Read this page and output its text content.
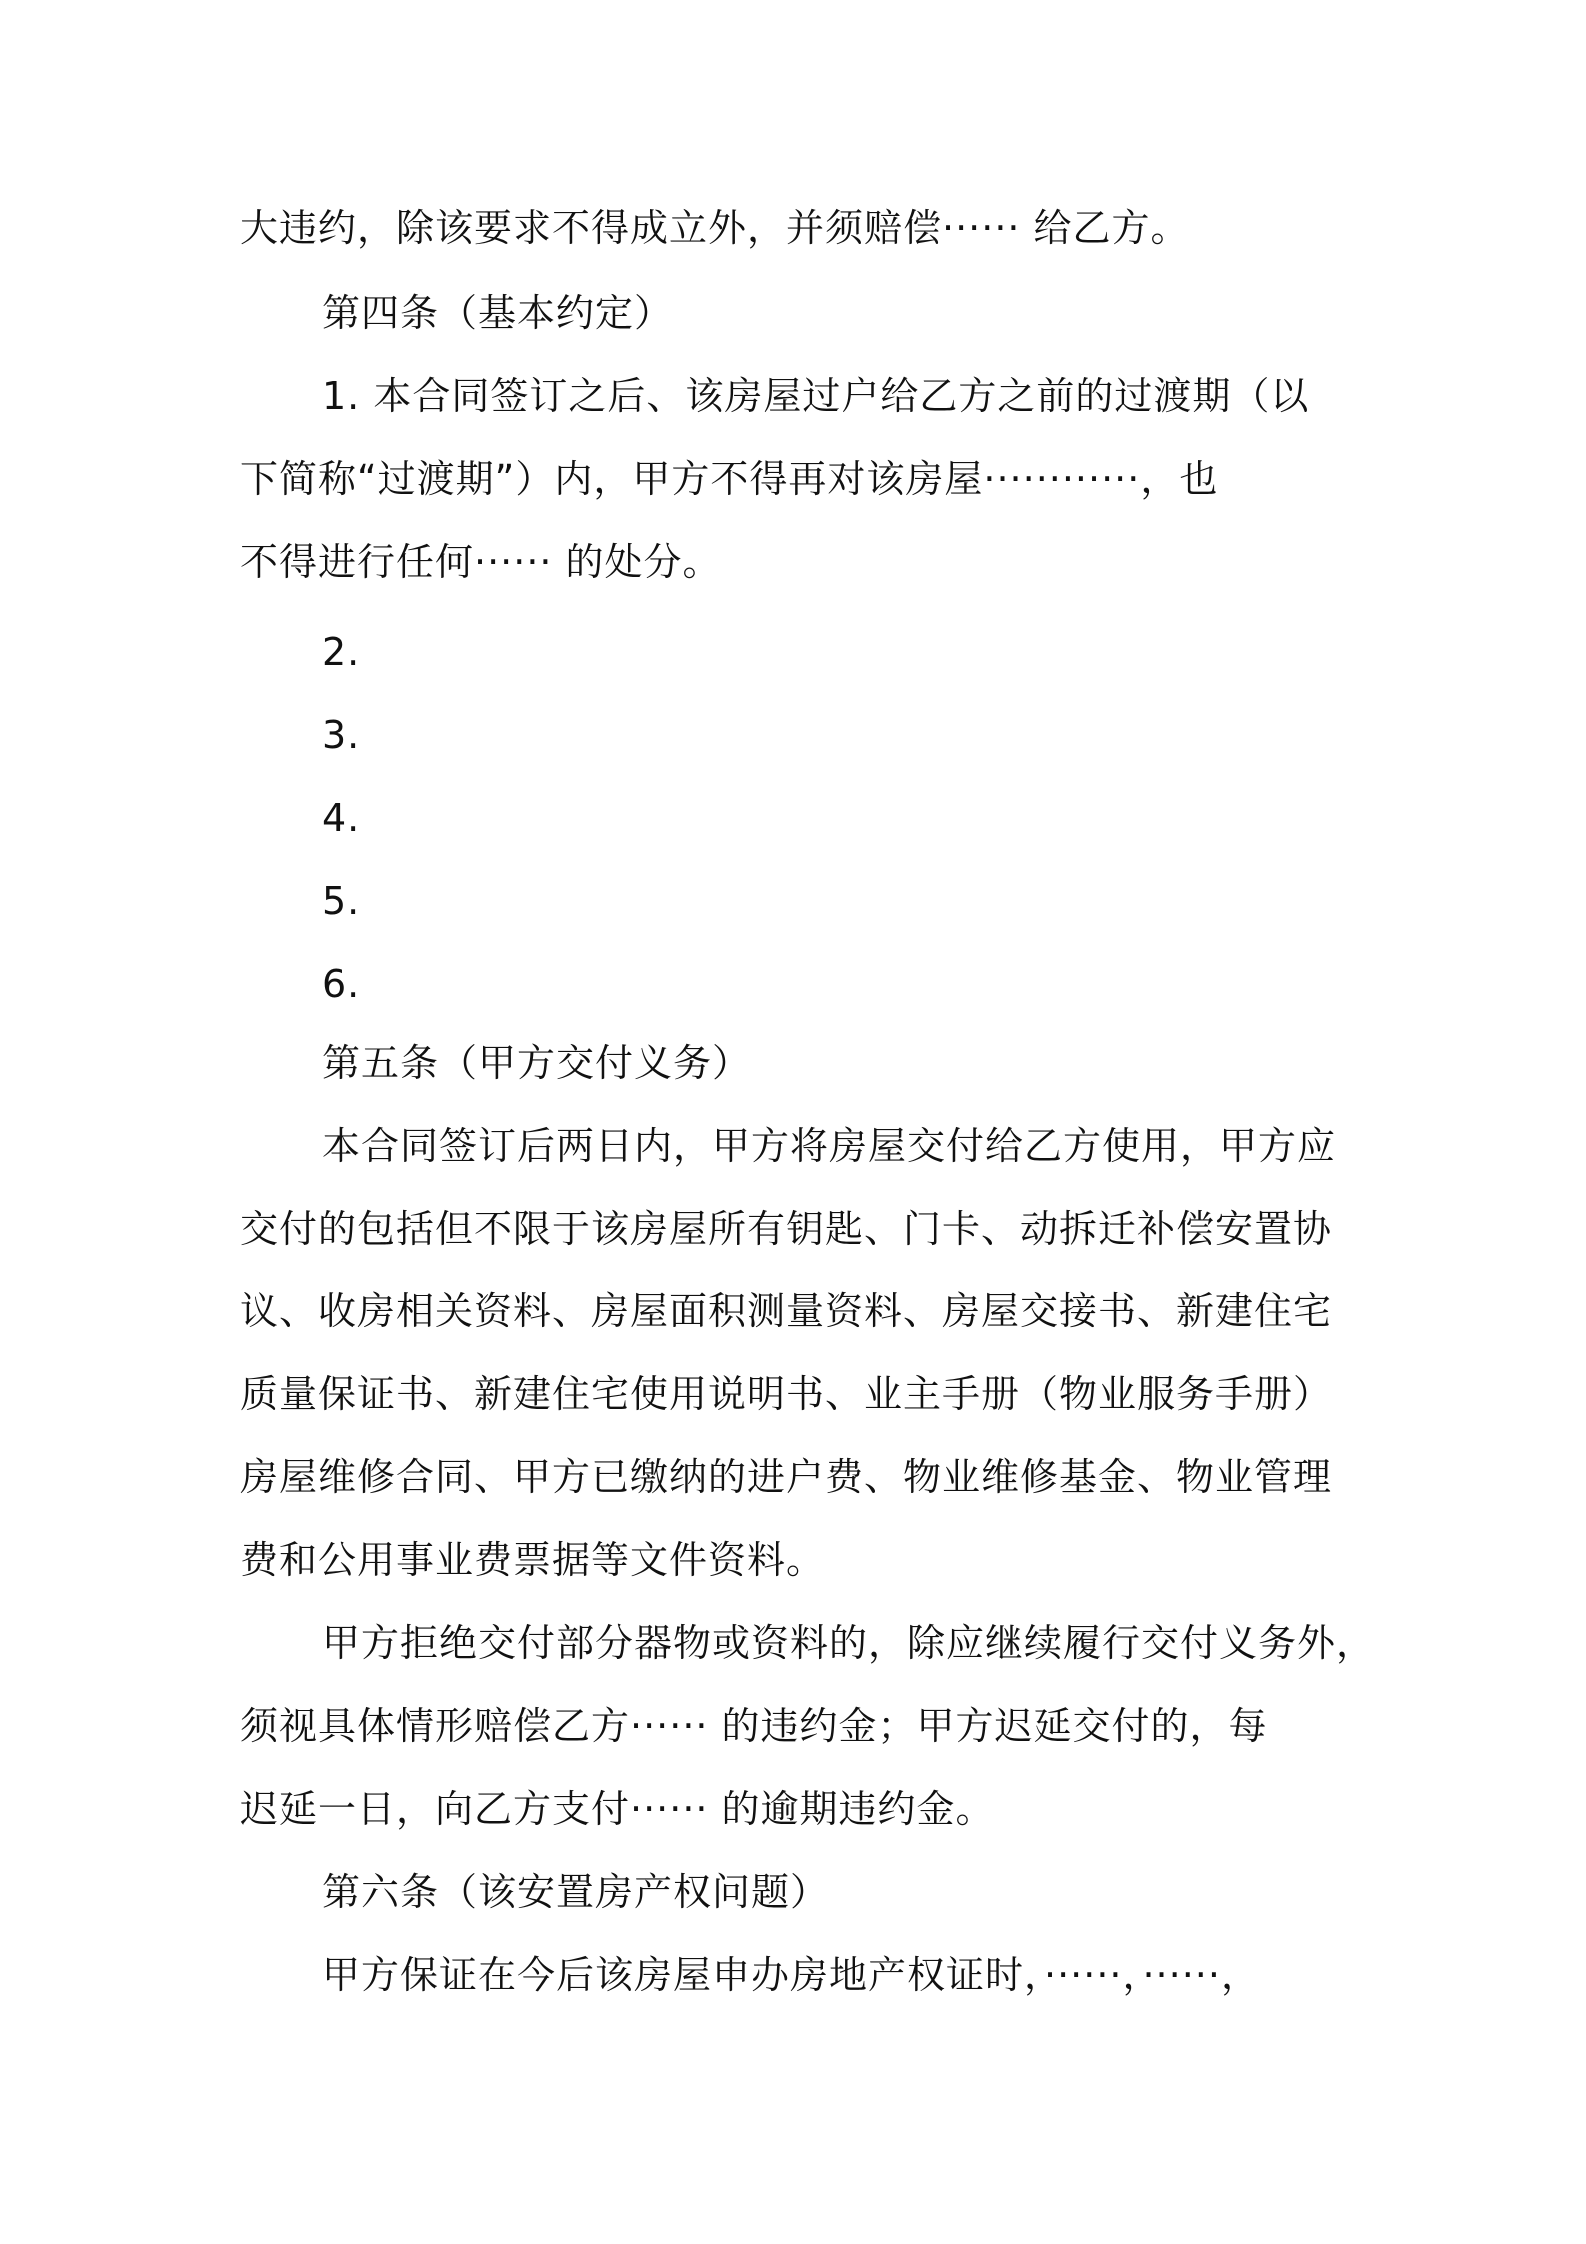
大违约，除该要求不得成立外，并须赔偿······ 给乙方。
第四条（基本约定）
1. 本合同签订之后、该房屋过户给乙方之前的过渡期（以
下简称“过渡期”）内，甲方不得再对该房屋············，也
不得进行任何······ 的处分。
2.
3.
4.
5.
6.
第五条（甲方交付义务）
本合同签订后两日内，甲方将房屋交付给乙方使用，甲方应
交付的包括但不限于该房屋所有钥匙、门卡、动拆迁补偿安置协
议、收房相关资料、房屋面积测量资料、房屋交接书、新建住宅
质量保证书、新建住宅使用说明书、业主手册（物业服务手册）
房屋维修合同、甲方已缴纳的进户费、物业维修基金、物业管理
费和公用事业费票据等文件资料。
甲方拒绝交付部分器物或资料的，除应继续履行交付义务外，
须视具体情形赔偿乙方······ 的违约金；甲方迟延交付的，每
迟延一日，向乙方支付······ 的逾期违约金。
第六条（该安置房产权问题）
甲方保证在今后该房屋申办房地产权证时，······，······，
